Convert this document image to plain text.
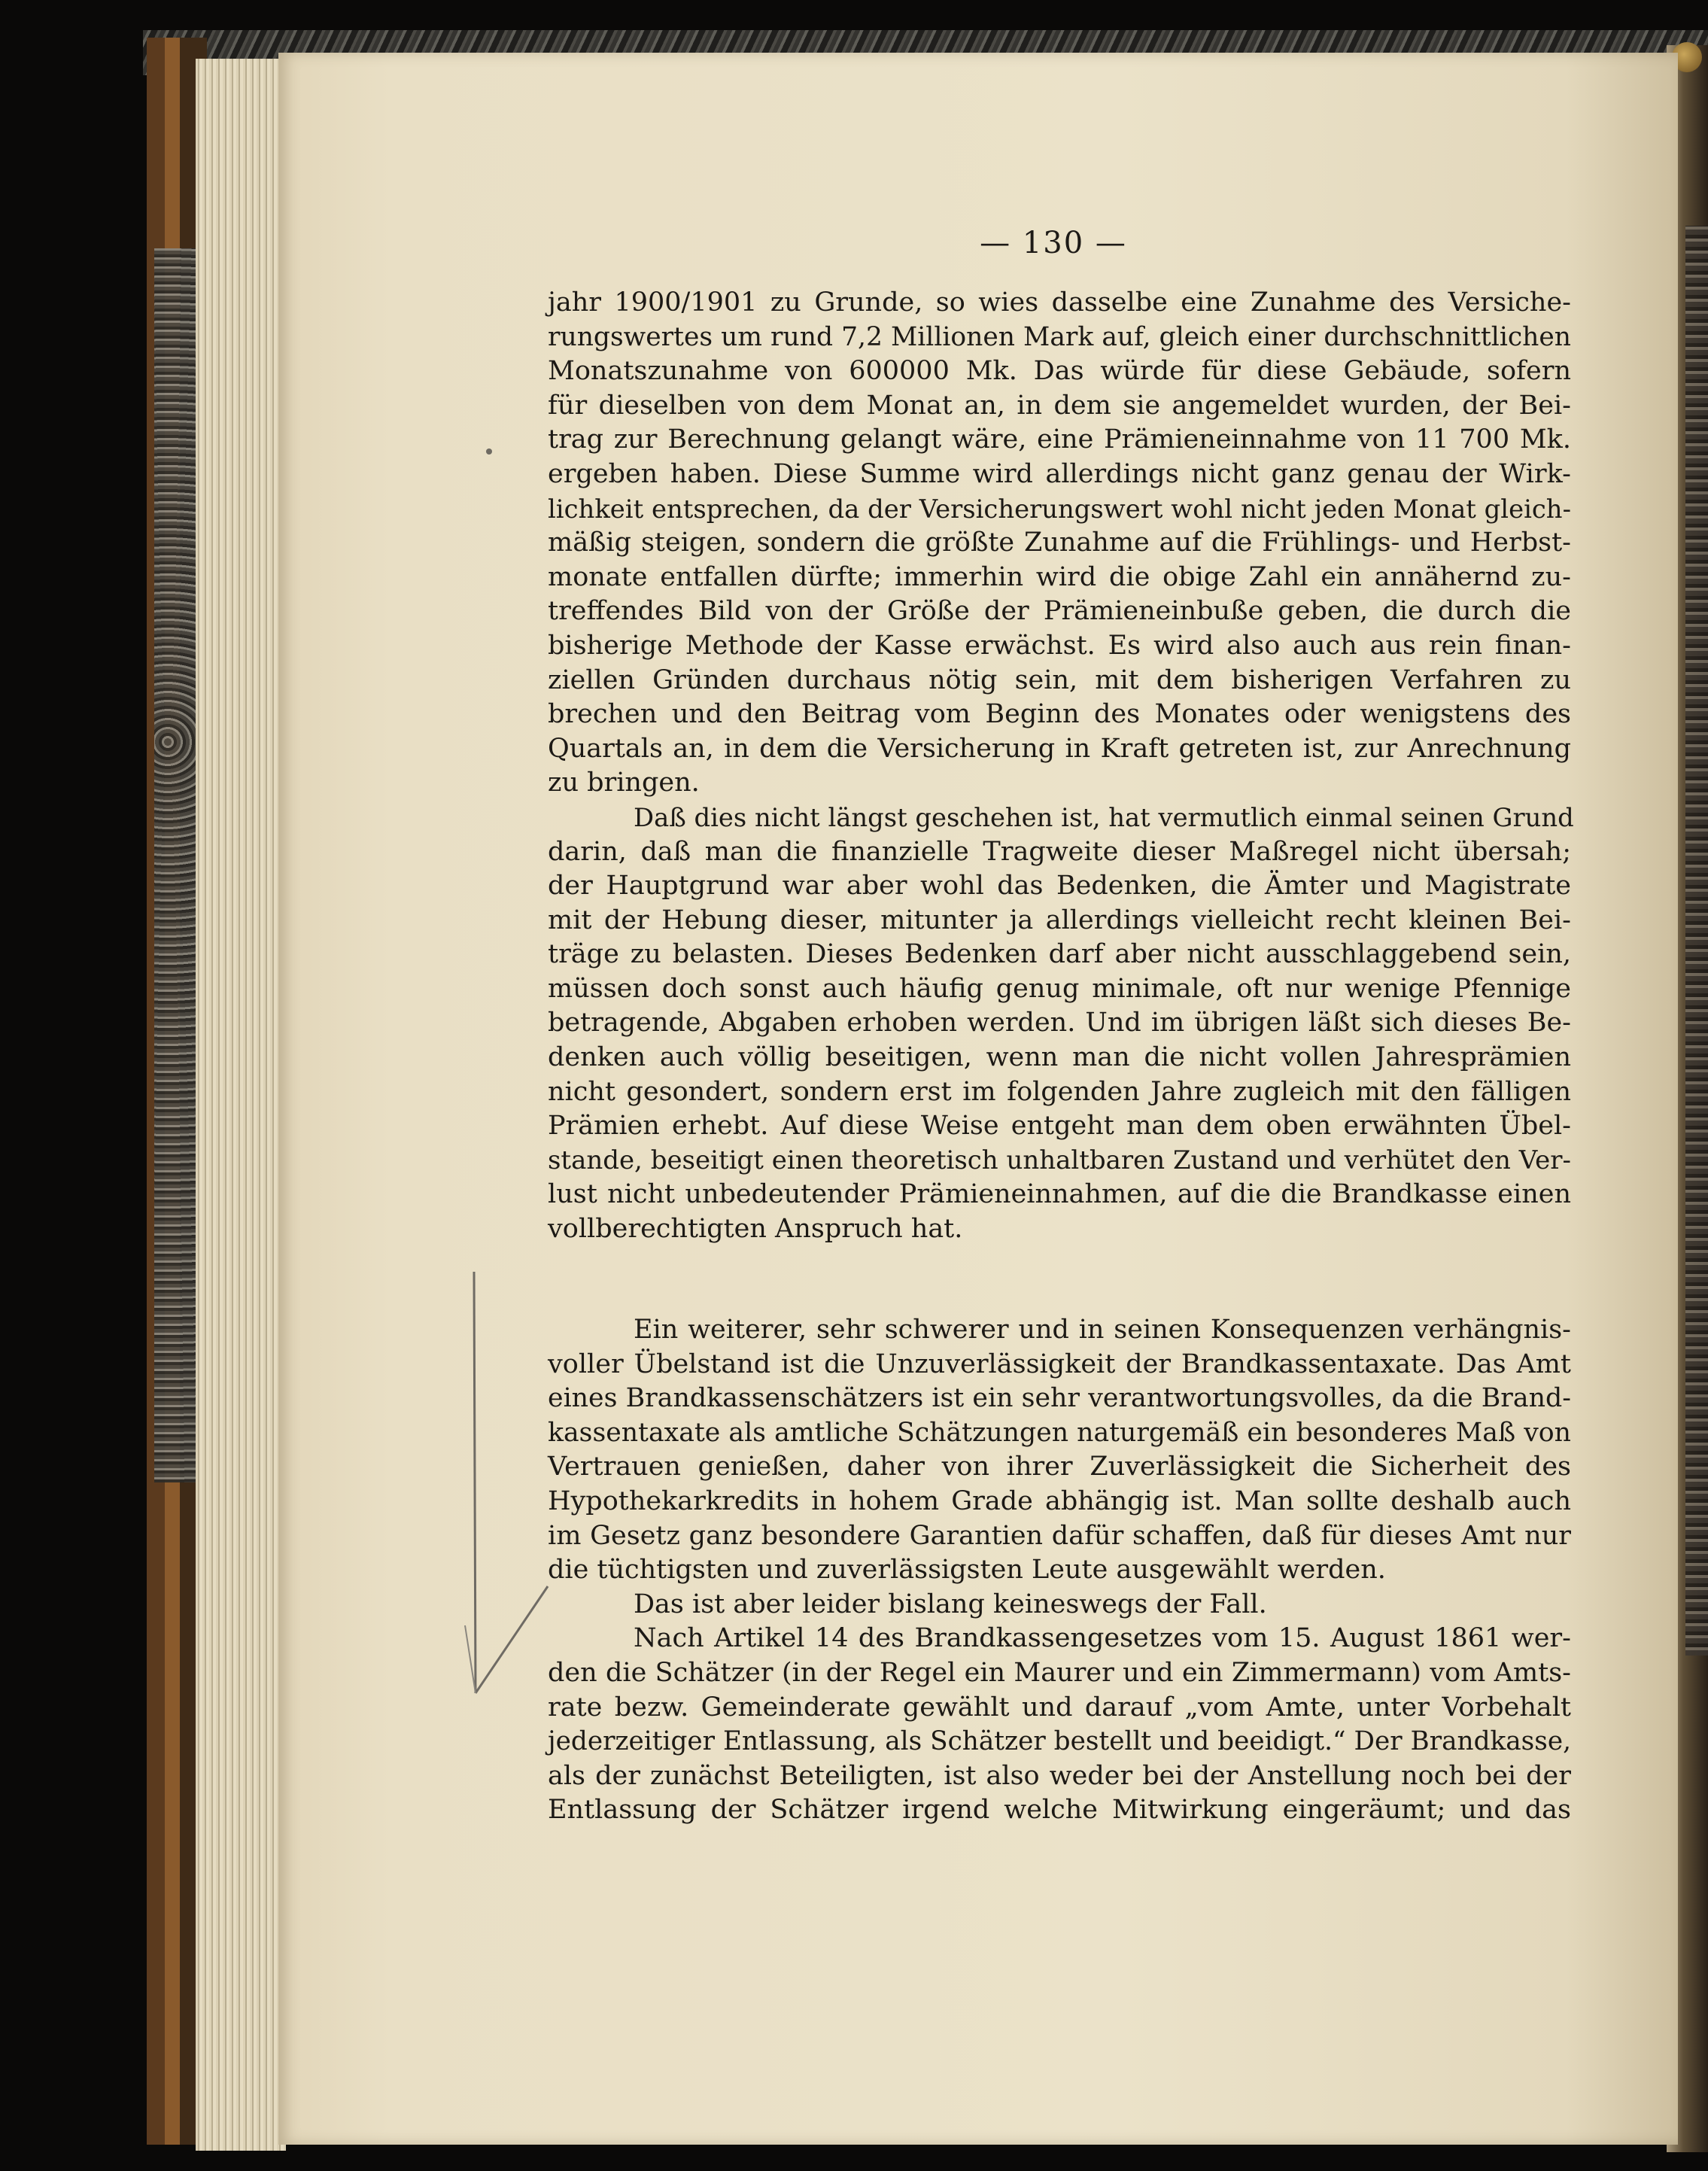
— 130 —
jahr 1900/1901 zu Grunde, so wies dasselbe eine Zunahme des Versiche-
rungswertes um rund 7,2 Millionen Mark auf, gleich einer durchschnittlichen
Monatszunahme von 600000 Mk. Das würde für diese Gebäude, sofern
für dieselben von dem Monat an, in dem sie angemeldet wurden, der Bei-
trag zur Berechnung gelangt wäre, eine Prämieneinnahme von 11 700 Mk.
ergeben haben. Diese Summe wird allerdings nicht ganz genau der Wirk-
lichkeit entsprechen, da der Versicherungswert wohl nicht jeden Monat gleich-
mäßig steigen, sondern die größte Zunahme auf die Frühlings- und Herbst-
monate entfallen dürfte; immerhin wird die obige Zahl ein annähernd zu-
treffendes Bild von der Größe der Prämieneinbuße geben, die durch die
bisherige Methode der Kasse erwächst. Es wird also auch aus rein finan-
ziellen Gründen durchaus nötig sein, mit dem bisherigen Verfahren zu
brechen und den Beitrag vom Beginn des Monates oder wenigstens des
Quartals an, in dem die Versicherung in Kraft getreten ist, zur Anrechnung
zu bringen.
Daß dies nicht längst geschehen ist, hat vermutlich einmal seinen Grund
darin, daß man die finanzielle Tragweite dieser Maßregel nicht übersah;
der Hauptgrund war aber wohl das Bedenken, die Ämter und Magistrate
mit der Hebung dieser, mitunter ja allerdings vielleicht recht kleinen Bei-
träge zu belasten. Dieses Bedenken darf aber nicht ausschlaggebend sein,
müssen doch sonst auch häufig genug minimale, oft nur wenige Pfennige
betragende, Abgaben erhoben werden. Und im übrigen läßt sich dieses Be-
denken auch völlig beseitigen, wenn man die nicht vollen Jahresprämien
nicht gesondert, sondern erst im folgenden Jahre zugleich mit den fälligen
Prämien erhebt. Auf diese Weise entgeht man dem oben erwähnten Übel-
stande, beseitigt einen theoretisch unhaltbaren Zustand und verhütet den Ver-
lust nicht unbedeutender Prämieneinnahmen, auf die die Brandkasse einen
vollberechtigten Anspruch hat.
Ein weiterer, sehr schwerer und in seinen Konsequenzen verhängnis-
voller Übelstand ist die Unzuverlässigkeit der Brandkassentaxate. Das Amt
eines Brandkassenschätzers ist ein sehr verantwortungsvolles, da die Brand-
kassentaxate als amtliche Schätzungen naturgemäß ein besonderes Maß von
Vertrauen genießen, daher von ihrer Zuverlässigkeit die Sicherheit des
Hypothekarkredits in hohem Grade abhängig ist. Man sollte deshalb auch
im Gesetz ganz besondere Garantien dafür schaffen, daß für dieses Amt nur
die tüchtigsten und zuverlässigsten Leute ausgewählt werden.
Das ist aber leider bislang keineswegs der Fall.
Nach Artikel 14 des Brandkassengesetzes vom 15. August 1861 wer-
den die Schätzer (in der Regel ein Maurer und ein Zimmermann) vom Amts-
rate bezw. Gemeinderate gewählt und darauf „vom Amte, unter Vorbehalt
jederzeitiger Entlassung, als Schätzer bestellt und beeidigt.“ Der Brandkasse,
als der zunächst Beteiligten, ist also weder bei der Anstellung noch bei der
Entlassung der Schätzer irgend welche Mitwirkung eingeräumt; und das
